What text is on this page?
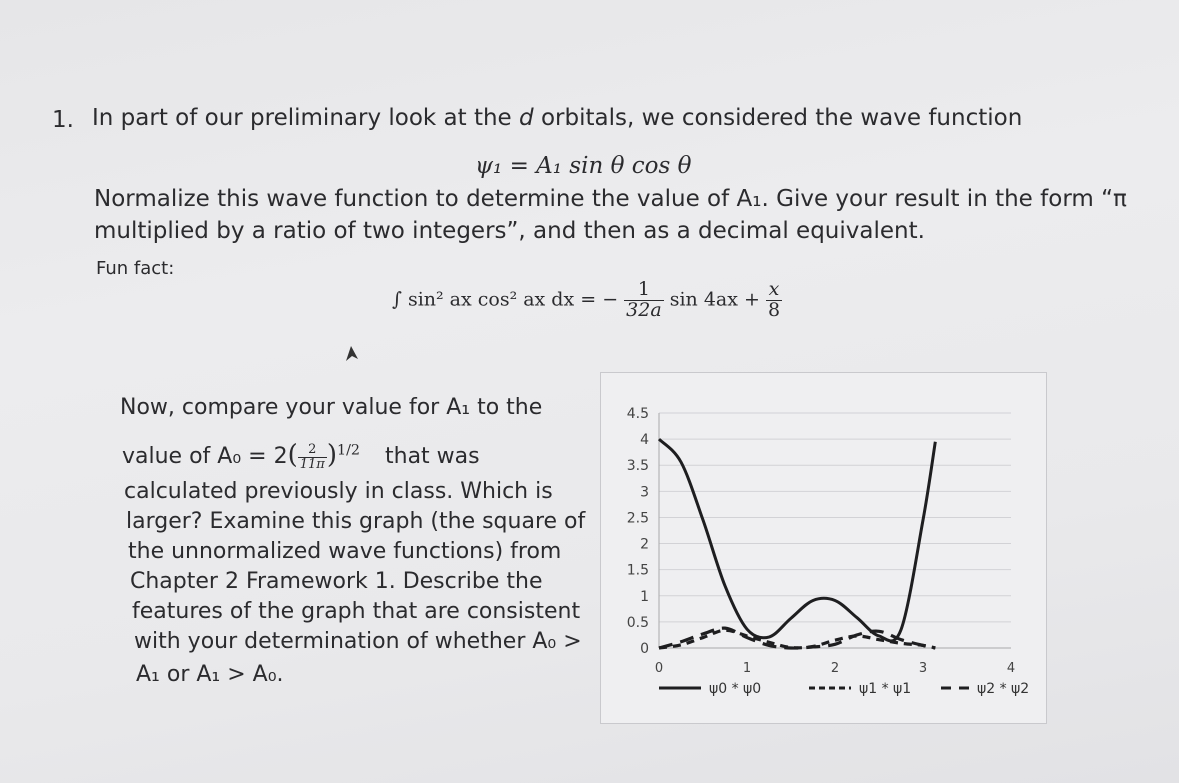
1. In part of our preliminary look at the d orbitals, we considered the wave function
ψ₁ = A₁ sin θ cos θ
Normalize this wave function to determine the value of A₁. Give your result in the form “π
multiplied by a ratio of two integers”, and then as a decimal equivalent.
Fun fact:
∫ sin² ax cos² ax dx = − $\frac{1}{32a}$ $\sin 4ax + \frac{x}{8}$
Now, compare your value for A₁ to the
value of $A_0 = 2( \frac{2}{11\pi} )^{1/2}$ that was
calculated previously in class. Which is
larger? Examine this graph (the square of
the unnormalized wave functions) from
Chapter 2 Framework 1. Describe the
features of the graph that are consistent
with your determination of whether A₀ >
A₁ or A₁ > A₀.
4.5
4
3.5
3
2.5
2
1.5
1
0.5
0
0	1	2	3	4
ψ0 * ψ0	ψ1 * ψ1	ψ2 * ψ2
